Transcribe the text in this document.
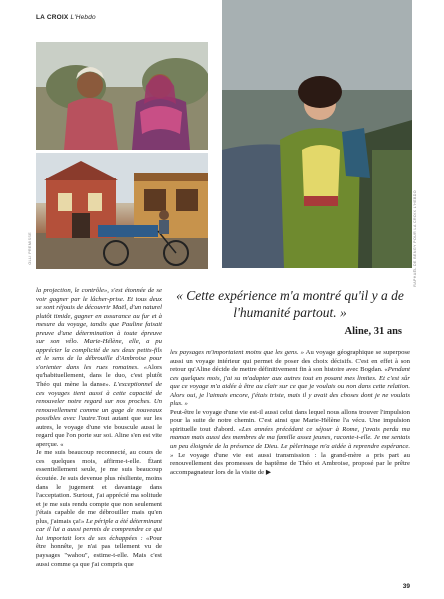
LA CROIX L'Hebdo
OLLI PREMISSE	RAPHAËL DE BENGY POUR LA CROIX L'HEBDO

la projection, le contrôle», s'est étonnée de se voir gagner par le lâcher-prise. Et tous deux se sont réjouis de découvrir Maël, d'un naturel plutôt timide, gagner en assurance au fur et à mesure du voyage, tandis que Pauline faisait preuve d'une détermination à toute épreuve sur son vélo. Marie-Hélène, elle, a pu apprécier la complicité de ses deux petits-fils et le sens de la débrouille d'Ambroise pour s'orienter dans les rues romaines. «Alors qu'habituellement, dans le duo, c'est plutôt Théo qui mène la danse». L'exceptionnel de ces voyages tient aussi à cette capacité de renouveler notre regard sur nos proches. Un renouvellement comme un gage de nouveaux possibles avec l'autre.Tout autant que sur les autres, le voyage d'une vie bouscule aussi le regard que l'on porte sur soi. Aline s'en est vite aperçue. «

Je me suis beaucoup reconnecté, au cours de ces quelques mois, affirme-t-elle. Étant essentiellement seule, je me suis beaucoup écoutée. Je suis devenue plus résiliente, moins dans le jugement et davantage dans l'acceptation. Surtout, j'ai apprécié ma solitude et je me suis rendu compte que non seulement j'étais capable de me débrouiller mais qu'en plus, j'aimais ça!» Le périple a été déterminant car il lui a aussi permis de comprendre ce qui lui importait lors de ses échappées : «Pour être honnête, je n'ai pas tellement vu de paysages "wahou", estime-t-elle. Mais c'est aussi comme ça que j'ai compris que

« Cette expérience m'a montré qu'il y a de l'humanité partout. »
Aline, 31 ans

les paysages m'importaient moins que les gens. » Au voyage géographique se superpose aussi un voyage intérieur qui permet de poser des choix décisifs. C'est en effet à son retour qu'Aline décide de mettre définitivement fin à son histoire avec Bogdan. «Pendant ces quelques mois, j'ai su m'adapter aux autres tout en posant mes limites. Et c'est sûr que ce voyage m'a aidée à être au clair sur ce que je voulais ou non dans cette relation. Alors oui, je l'aimais encore, j'étais triste, mais il y avait des choses dont je ne voulais plus. »

Peut-être le voyage d'une vie est-il aussi celui dans lequel nous allons trouver l'impulsion pour la suite de notre chemin. C'est ainsi que Marie-Hélène l'a vécu. Une impulsion spirituelle tout d'abord. «Les années précédant ce séjour à Rome, j'avais perdu ma maman mais aussi des membres de ma famille assez jeunes, raconte-t-elle. Je me sentais un peu éloignée de la présence de Dieu. Le pèlerinage m'a aidée à reprendre espérance. » Le voyage d'une vie est aussi transmission : la grand-mère a pris part au renouvellement des promesses de baptême de Théo et Ambroise, proposé par le prêtre accompagnateur lors de la visite de ▶

39
